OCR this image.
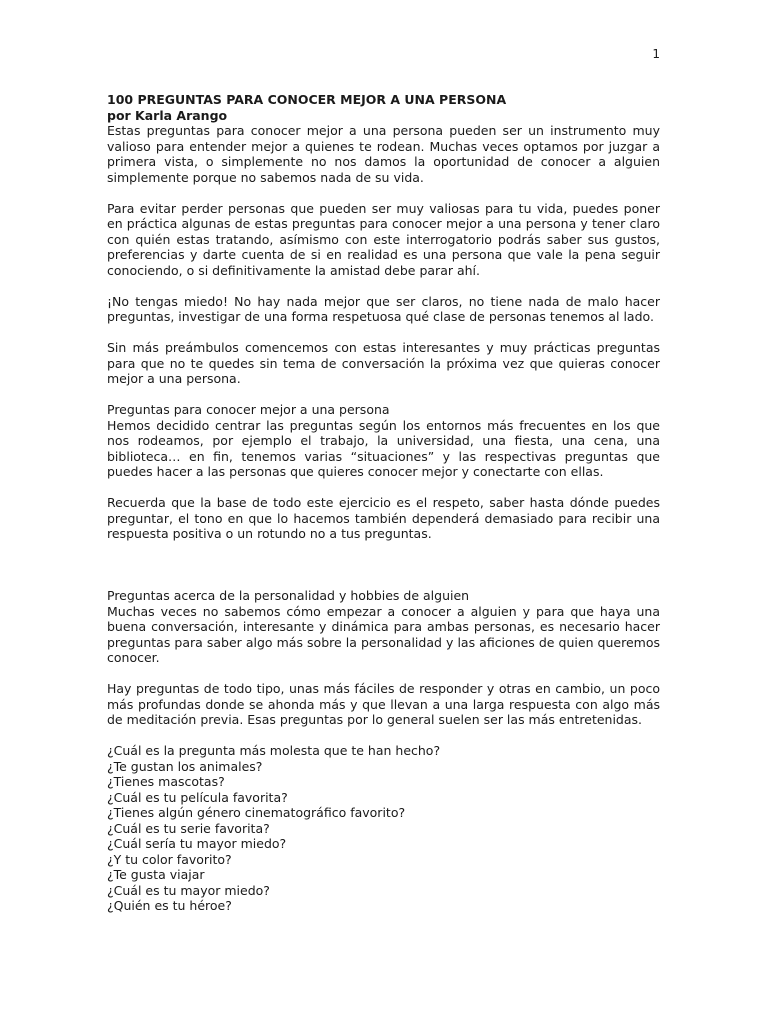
1
100 PREGUNTAS PARA CONOCER MEJOR A UNA PERSONA
por Karla Arango

Estas preguntas para conocer mejor a una persona pueden ser un instrumento muy valioso para entender mejor a quienes te rodean. Muchas veces optamos por juzgar a primera vista, o simplemente no nos damos la oportunidad de conocer a alguien simplemente porque no sabemos nada de su vida.

Para evitar perder personas que pueden ser muy valiosas para tu vida, puedes poner en práctica algunas de estas preguntas para conocer mejor a una persona y tener claro con quién estas tratando, asímismo con este interrogatorio podrás saber sus gustos, preferencias y darte cuenta de si en realidad es una persona que vale la pena seguir conociendo, o si definitivamente la amistad debe parar ahí.

¡No tengas miedo! No hay nada mejor que ser claros, no tiene nada de malo hacer preguntas, investigar de una forma respetuosa qué clase de personas tenemos al lado.

Sin más preámbulos comencemos con estas interesantes y muy prácticas preguntas para que no te quedes sin tema de conversación la próxima vez que quieras conocer mejor a una persona.

Preguntas para conocer mejor a una persona

Hemos decidido centrar las preguntas según los entornos más frecuentes en los que nos rodeamos, por ejemplo el trabajo, la universidad, una fiesta, una cena, una biblioteca… en fin, tenemos varias “situaciones” y las respectivas preguntas que puedes hacer a las personas que quieres conocer mejor y conectarte con ellas.

Recuerda que la base de todo este ejercicio es el respeto, saber hasta dónde puedes preguntar, el tono en que lo hacemos también dependerá demasiado para recibir una respuesta positiva o un rotundo no a tus preguntas.

Preguntas acerca de la personalidad y hobbies de alguien

Muchas veces no sabemos cómo empezar a conocer a alguien y para que haya una buena conversación, interesante y dinámica para ambas personas, es necesario hacer preguntas para saber algo más sobre la personalidad y las aficiones de quien queremos conocer.

Hay preguntas de todo tipo, unas más fáciles de responder y otras en cambio, un poco más profundas donde se ahonda más y que llevan a una larga respuesta con algo más de meditación previa. Esas preguntas por lo general suelen ser las más entretenidas.

¿Cuál es la pregunta más molesta que te han hecho?
¿Te gustan los animales?
¿Tienes mascotas?
¿Cuál es tu película favorita?
¿Tienes algún género cinematográfico favorito?
¿Cuál es tu serie favorita?
¿Cuál sería tu mayor miedo?
¿Y tu color favorito?
¿Te gusta viajar
¿Cuál es tu mayor miedo?
¿Quién es tu héroe?
